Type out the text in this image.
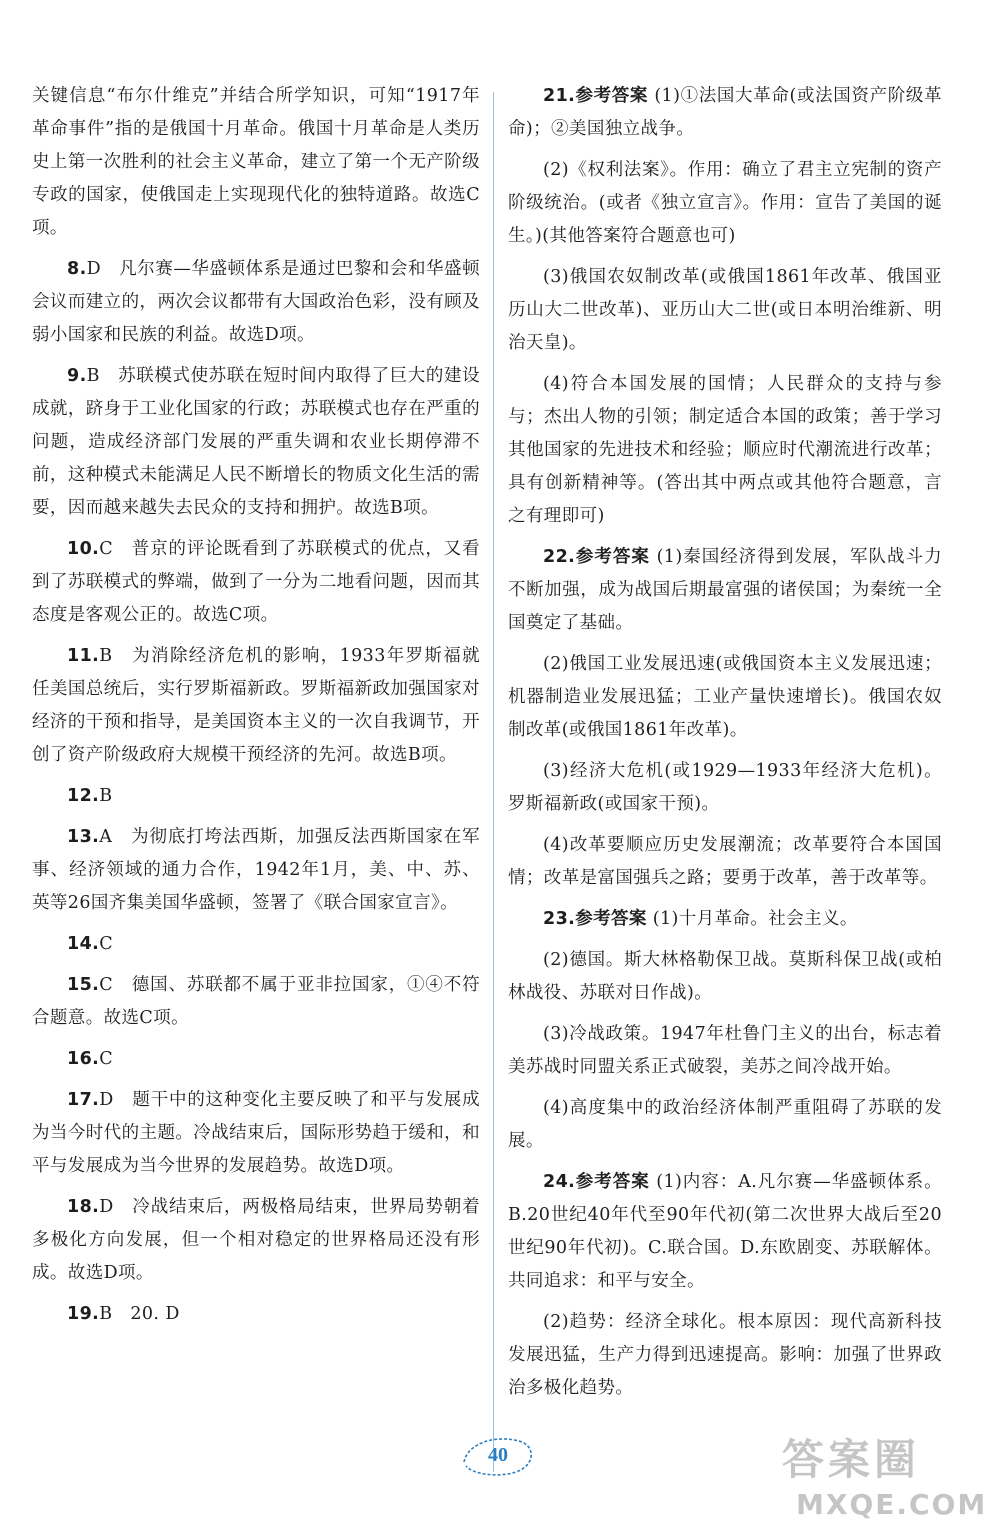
关键信息“布尔什维克”并结合所学知识，可知“1917年革命事件”指的是俄国十月革命。俄国十月革命是人类历史上第一次胜利的社会主义革命，建立了第一个无产阶级专政的国家，使俄国走上实现现代化的独特道路。故选C项。

8.D　凡尔赛—华盛顿体系是通过巴黎和会和华盛顿会议而建立的，两次会议都带有大国政治色彩，没有顾及弱小国家和民族的利益。故选D项。

9.B　苏联模式使苏联在短时间内取得了巨大的建设成就，跻身于工业化国家的行政；苏联模式也存在严重的问题，造成经济部门发展的严重失调和农业长期停滞不前，这种模式未能满足人民不断增长的物质文化生活的需要，因而越来越失去民众的支持和拥护。故选B项。

10.C　普京的评论既看到了苏联模式的优点，又看到了苏联模式的弊端，做到了一分为二地看问题，因而其态度是客观公正的。故选C项。

11.B　为消除经济危机的影响，1933年罗斯福就任美国总统后，实行罗斯福新政。罗斯福新政加强国家对经济的干预和指导，是美国资本主义的一次自我调节，开创了资产阶级政府大规模干预经济的先河。故选B项。

12.B

13.A　为彻底打垮法西斯，加强反法西斯国家在军事、经济领域的通力合作，1942年1月，美、中、苏、英等26国齐集美国华盛顿，签署了《联合国家宣言》。

14.C

15.C　德国、苏联都不属于亚非拉国家，①④不符合题意。故选C项。

16.C

17.D　题干中的这种变化主要反映了和平与发展成为当今时代的主题。冷战结束后，国际形势趋于缓和，和平与发展成为当今世界的发展趋势。故选D项。

18.D　冷战结束后，两极格局结束，世界局势朝着多极化方向发展，但一个相对稳定的世界格局还没有形成。故选D项。

19.B　20. D

21.参考答案 (1)①法国大革命(或法国资产阶级革命)；②美国独立战争。

(2)《权利法案》。作用：确立了君主立宪制的资产阶级统治。(或者《独立宣言》。作用：宣告了美国的诞生。)(其他答案符合题意也可)

(3)俄国农奴制改革(或俄国1861年改革、俄国亚历山大二世改革)、亚历山大二世(或日本明治维新、明治天皇)。

(4)符合本国发展的国情；人民群众的支持与参与；杰出人物的引领；制定适合本国的政策；善于学习其他国家的先进技术和经验；顺应时代潮流进行改革；具有创新精神等。(答出其中两点或其他符合题意，言之有理即可)

22.参考答案 (1)秦国经济得到发展，军队战斗力不断加强，成为战国后期最富强的诸侯国；为秦统一全国奠定了基础。

(2)俄国工业发展迅速(或俄国资本主义发展迅速；机器制造业发展迅猛；工业产量快速增长)。俄国农奴制改革(或俄国1861年改革)。

(3)经济大危机(或1929—1933年经济大危机)。罗斯福新政(或国家干预)。

(4)改革要顺应历史发展潮流；改革要符合本国国情；改革是富国强兵之路；要勇于改革，善于改革等。

23.参考答案 (1)十月革命。社会主义。

(2)德国。斯大林格勒保卫战。莫斯科保卫战(或柏林战役、苏联对日作战)。

(3)冷战政策。1947年杜鲁门主义的出台，标志着美苏战时同盟关系正式破裂，美苏之间冷战开始。

(4)高度集中的政治经济体制严重阻碍了苏联的发展。

24.参考答案 (1)内容：A.凡尔赛—华盛顿体系。B.20世纪40年代至90年代初(第二次世界大战后至20世纪90年代初)。C.联合国。D.东欧剧变、苏联解体。共同追求：和平与安全。

(2)趋势：经济全球化。根本原因：现代高新科技发展迅猛，生产力得到迅速提高。影响：加强了世界政治多极化趋势。

40	答案圈
MXQE.COM
